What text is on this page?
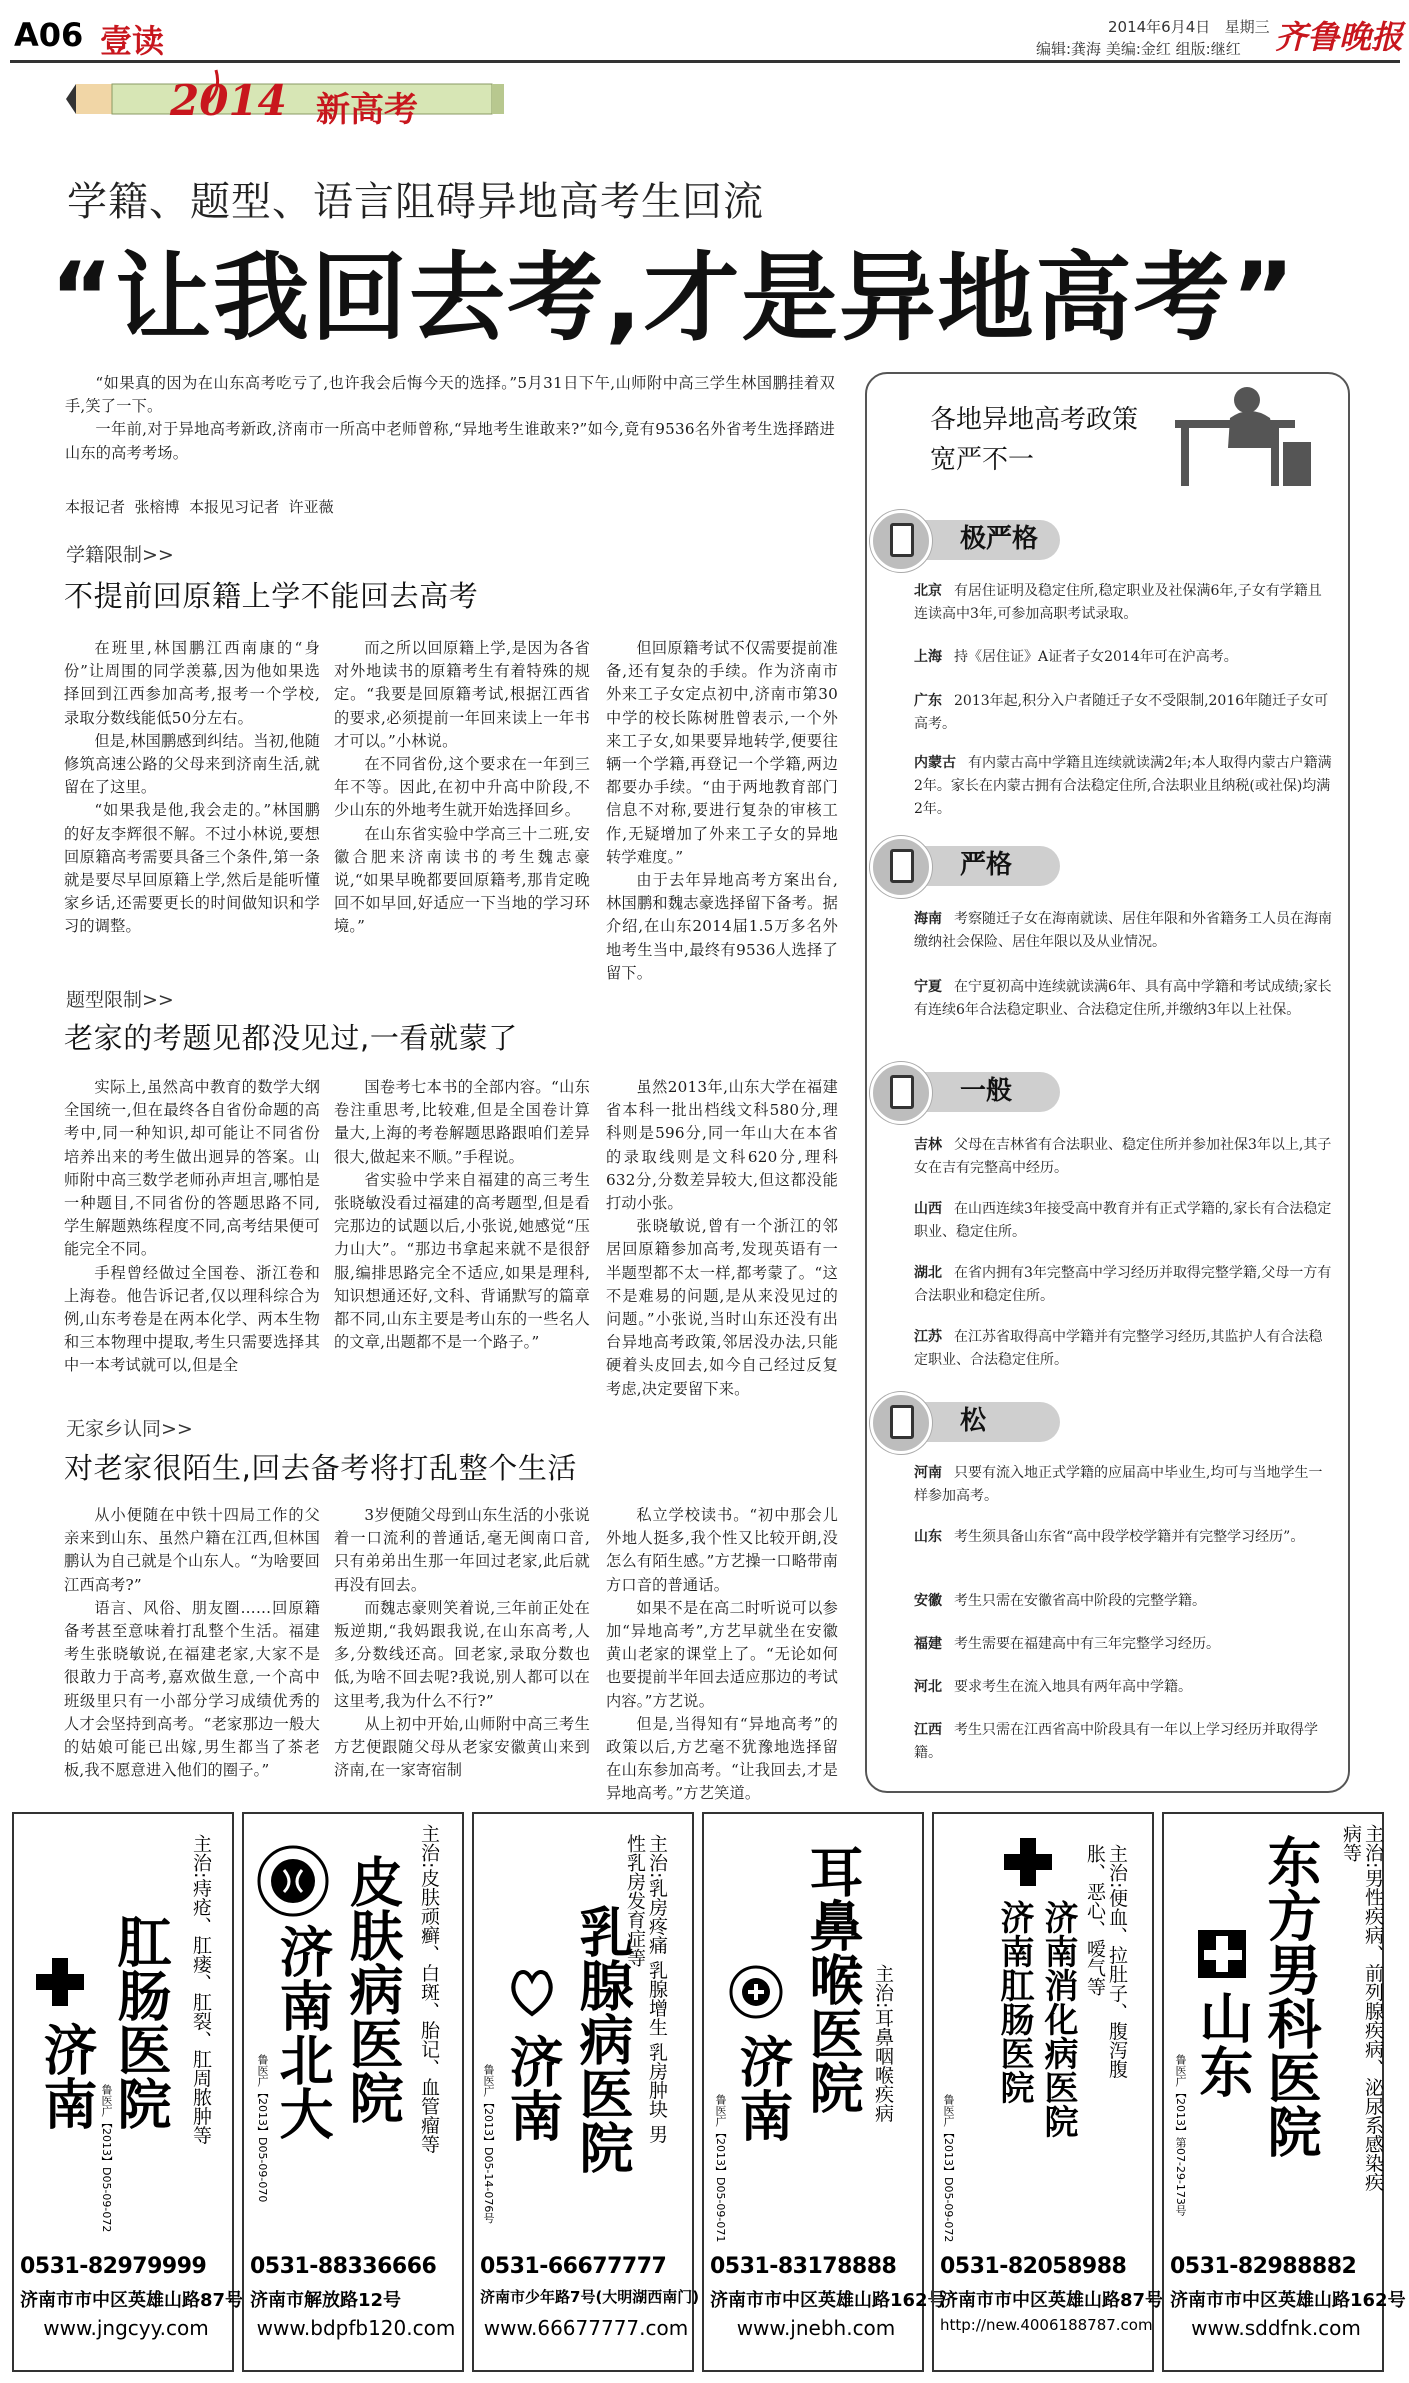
A06 壹读	2014年6月4日 星期三
编辑:龚海 美编:金红 组版:继红 齐鲁晚报
2014 新高考
学籍、题型、语言阻碍异地高考生回流
“让我回去考,才是异地高考”

“如果真的因为在山东高考吃亏了,也许我会后悔今天的选择。”5月31日下午,山师附中高三学生林国鹏挂着双手,笑了一下。

一年前,对于异地高考新政,济南市一所高中老师曾称,“异地考生谁敢来?”如今,竟有9536名外省考生选择踏进山东的高考考场。

本报记者  张榕博  本报见习记者  许亚薇
学籍限制>>
不提前回原籍上学不能回去高考

在班里,林国鹏江西南康的“身份”让周围的同学羡慕,因为他如果选择回到江西参加高考,报考一个学校,录取分数线能低50分左右。

但是,林国鹏感到纠结。当初,他随修筑高速公路的父母来到济南生活,就留在了这里。

“如果我是他,我会走的。”林国鹏的好友李辉很不解。不过小林说,要想回原籍高考需要具备三个条件,第一条就是要尽早回原籍上学,然后是能听懂家乡话,还需要更长的时间做知识和学习的调整。

而之所以回原籍上学,是因为各省对外地读书的原籍考生有着特殊的规定。“我要是回原籍考试,根据江西省的要求,必须提前一年回来读上一年书才可以。”小林说。

在不同省份,这个要求在一年到三年不等。因此,在初中升高中阶段,不少山东的外地考生就开始选择回乡。

在山东省实验中学高三十二班,安徽合肥来济南读书的考生魏志豪说,“如果早晚都要回原籍考,那肯定晚回不如早回,好适应一下当地的学习环境。”

但回原籍考试不仅需要提前准备,还有复杂的手续。作为济南市外来工子女定点初中,济南市第30中学的校长陈树胜曾表示,一个外来工子女,如果要异地转学,便要往辆一个学籍,再登记一个学籍,两边都要办手续。“由于两地教育部门信息不对称,要进行复杂的审核工作,无疑增加了外来工子女的异地转学难度。”

由于去年异地高考方案出台,林国鹏和魏志豪选择留下备考。据介绍,在山东2014届1.5万多名外地考生当中,最终有9536人选择了留下。

题型限制>>
老家的考题见都没见过,一看就蒙了

实际上,虽然高中教育的数学大纲全国统一,但在最终各自省份命题的高考中,同一种知识,却可能让不同省份培养出来的考生做出迥异的答案。山师附中高三数学老师孙声坦言,哪怕是一种题目,不同省份的答题思路不同,学生解题熟练程度不同,高考结果便可能完全不同。

手程曾经做过全国卷、浙江卷和上海卷。他告诉记者,仅以理科综合为例,山东考卷是在两本化学、两本生物和三本物理中提取,考生只需要选择其中一本考试就可以,但是全

国卷考七本书的全部内容。“山东卷注重思考,比较难,但是全国卷计算量大,上海的考卷解题思路跟咱们差异很大,做起来不顺。”手程说。

省实验中学来自福建的高三考生张晓敏没看过福建的高考题型,但是看完那边的试题以后,小张说,她感觉“压力山大”。“那边书拿起来就不是很舒服,编排思路完全不适应,如果是理科,知识想通还好,文科、背诵默写的篇章都不同,山东主要是考山东的一些名人的文章,出题都不是一个路子。”

虽然2013年,山东大学在福建省本科一批出档线文科580分,理科则是596分,同一年山大在本省的录取线则是文科620分,理科632分,分数差异较大,但这都没能打动小张。

张晓敏说,曾有一个浙江的邻居回原籍参加高考,发现英语有一半题型都不太一样,都考蒙了。“这不是难易的问题,是从来没见过的问题。”小张说,当时山东还没有出台异地高考政策,邻居没办法,只能硬着头皮回去,如今自己经过反复考虑,决定要留下来。

无家乡认同>>
对老家很陌生,回去备考将打乱整个生活

从小便随在中铁十四局工作的父亲来到山东、虽然户籍在江西,但林国鹏认为自己就是个山东人。“为啥要回江西高考?”

语言、风俗、朋友圈……回原籍备考甚至意味着打乱整个生活。福建考生张晓敏说,在福建老家,大家不是很敢力于高考,嘉欢做生意,一个高中班级里只有一小部分学习成绩优秀的人才会坚持到高考。“老家那边一般大的姑娘可能已出嫁,男生都当了茶老板,我不愿意进入他们的圈子。”

3岁便随父母到山东生活的小张说着一口流利的普通话,毫无闽南口音,只有弟弟出生那一年回过老家,此后就再没有回去。

而魏志豪则笑着说,三年前正处在叛逆期,“我妈跟我说,在山东高考,人多,分数线还高。回老家,录取分数也低,为啥不回去呢?我说,别人都可以在这里考,我为什么不行?”

从上初中开始,山师附中高三考生方艺便跟随父母从老家安徽黄山来到济南,在一家寄宿制

私立学校读书。“初中那会儿外地人挺多,我个性又比较开朗,没怎么有陌生感。”方艺操一口略带南方口音的普通话。

如果不是在高二时听说可以参加“异地高考”,方艺早就坐在安徽黄山老家的课堂上了。“无论如何也要提前半年回去适应那边的考试内容。”方艺说。

但是,当得知有“异地高考”的政策以后,方艺毫不犹豫地选择留在山东参加高考。“让我回去,才是异地高考。”方艺笑道。

各地异地高考政策
宽严不一
极严格
北京 有居住证明及稳定住所,稳定职业及社保满6年,子女有学籍且连读高中3年,可参加高职考试录取。
上海 持《居住证》A证者子女2014年可在沪高考。
广东 2013年起,积分入户者随迁子女不受限制,2016年随迁子女可高考。
内蒙古 有内蒙古高中学籍且连续就读满2年;本人取得内蒙古户籍满2年。家长在内蒙古拥有合法稳定住所,合法职业且纳税(或社保)均满2年。
严格
海南 考察随迁子女在海南就读、居住年限和外省籍务工人员在海南缴纳社会保险、居住年限以及从业情况。
宁夏 在宁夏初高中连续就读满6年、具有高中学籍和考试成绩;家长有连续6年合法稳定职业、合法稳定住所,并缴纳3年以上社保。
一般
吉林 父母在吉林省有合法职业、稳定住所并参加社保3年以上,其子女在吉有完整高中经历。
山西 在山西连续3年接受高中教育并有正式学籍的,家长有合法稳定职业、稳定住所。
湖北 在省内拥有3年完整高中学习经历并取得完整学籍,父母一方有合法职业和稳定住所。
江苏 在江苏省取得高中学籍并有完整学习经历,其监护人有合法稳定职业、合法稳定住所。
松
河南 只要有流入地正式学籍的应届高中毕业生,均可与当地学生一样参加高考。
山东 考生须具备山东省“高中段学校学籍并有完整学习经历”。
安徽 考生只需在安徽省高中阶段的完整学籍。
福建 考生需要在福建高中有三年完整学习经历。
河北 要求考生在流入地具有两年高中学籍。
江西 考生只需在江西省高中阶段具有一年以上学习经历并取得学籍。
肛肠医院
济南	主治:痔疮、肛瘘、肛裂、肛周脓肿等
鲁医广【2013】D05-09-072
0531-82979999
济南市市中区英雄山路87号
www.jngcyy.com
皮肤病医院
济南北大	主治:皮肤顽癣、白斑、胎记、血管瘤等
鲁医广【2013】D05-09-070
0531-88336666
济南市解放路12号
www.bdpfb120.com
乳腺病医院
济南	主治:乳房疼痛 乳腺增生 乳房肿块 男性乳房发育症等
鲁医广【2013】D05-14-076号
0531-66677777
济南市少年路7号(大明湖西南门)
www.66677777.com
耳鼻喉医院
济南	主治:耳鼻咽喉疾病
鲁医广【2013】D05-09-071
0531-83178888
济南市市中区英雄山路162号
www.jnebh.com
济南消化病医院
济南肛肠医院	主治:便血、拉肚子、腹泻腹胀、恶心、嗳气等
鲁医广【2013】D05-09-072
0531-82058988
济南市市中区英雄山路87号
http://new.4006188787.com
东方男科医院
山东	主治:男性疾病、前列腺疾病、泌尿系感染疾病等
鲁医广【2013】第07-29-173号
0531-82988882
济南市市中区英雄山路162号
www.sddfnk.com
